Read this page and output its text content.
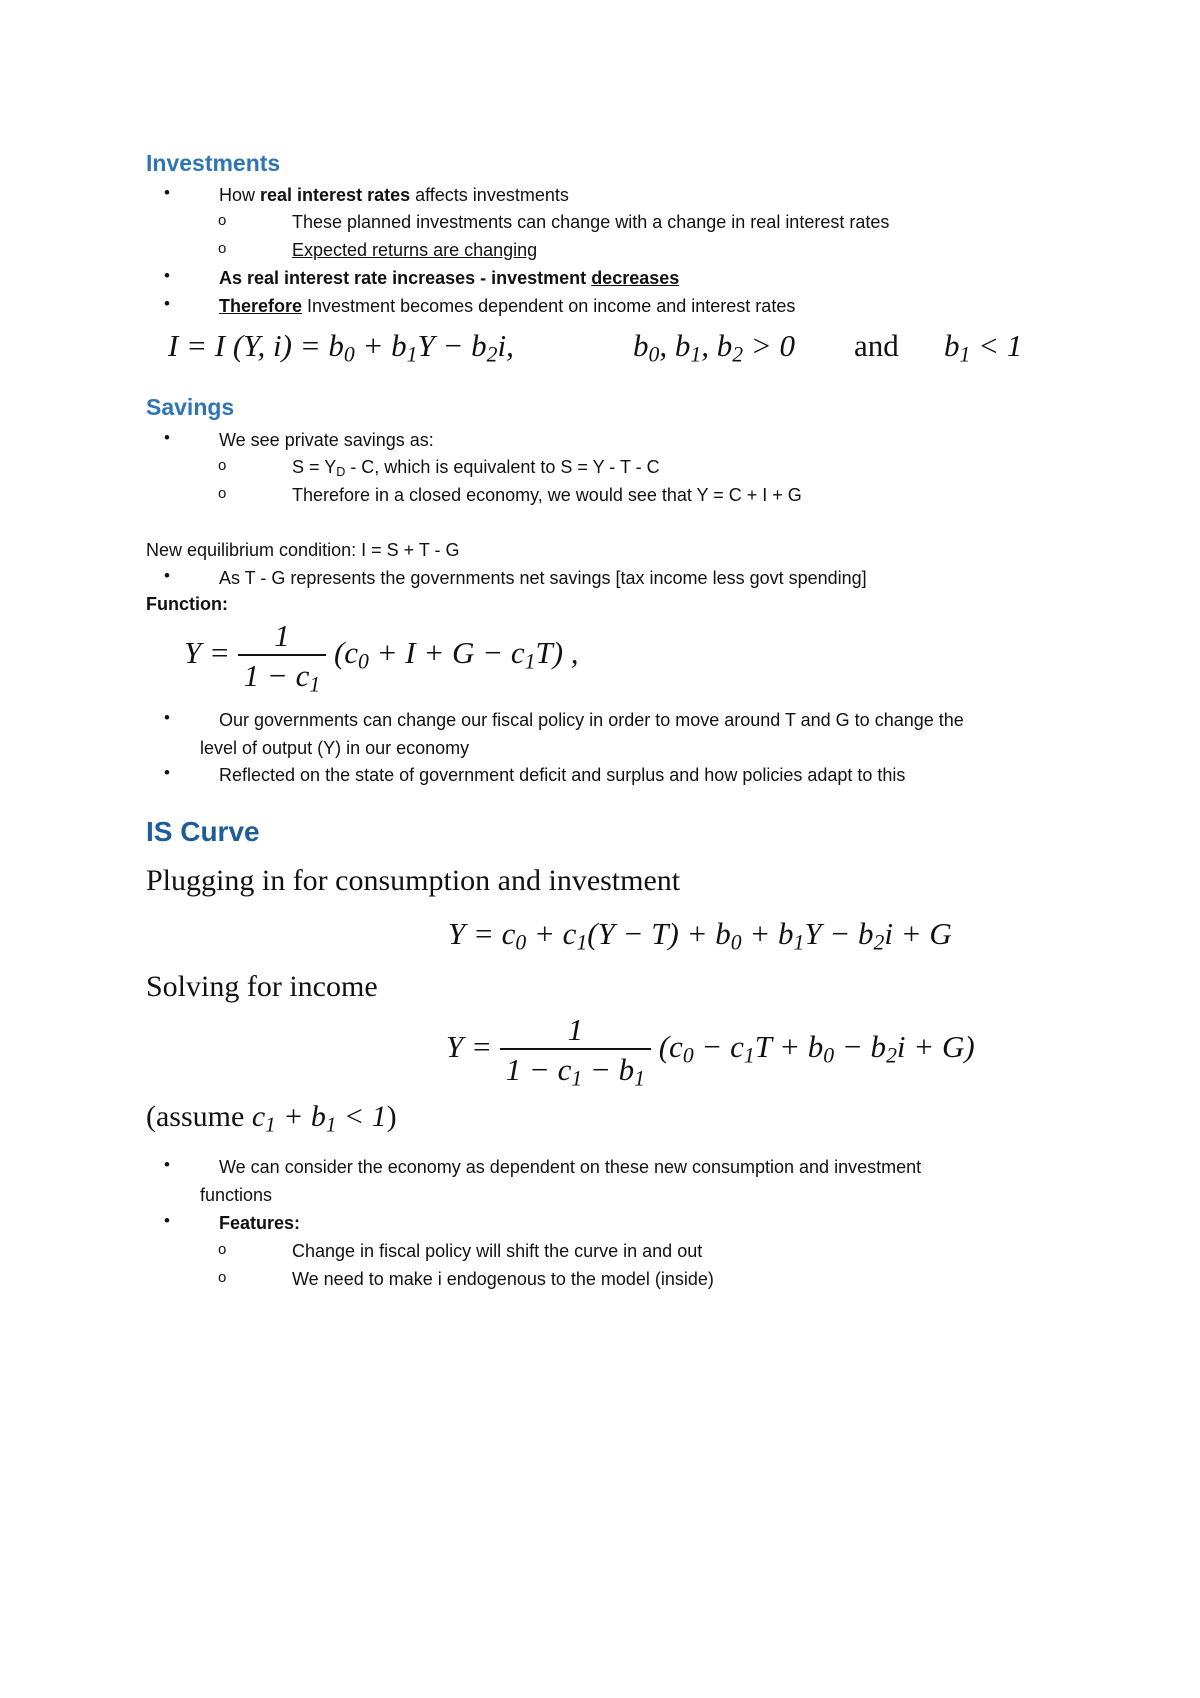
Investments
•	How real interest rates affects investments
o	These planned investments can change with a change in real interest rates
o	Expected returns are changing
•	As real interest rate increases - investment decreases
•	Therefore Investment becomes dependent on income and interest rates
I = I (Y, $i) = b_0 + b_1Y - b_2i$,	$b_0$, $b_1$, $b_2 > 0$ and $b_1 < 1$
Savings
•	We see private savings as:
o	$S = Y_D - C$, which is equivalent to S = Y - T - C
o	Therefore in a closed economy, we would see that Y = C + I + G
New equilibrium condition: I = S + T - G
•	As T - G represents the governments net savings [tax income less govt spending]
Function:
$Y = \frac{1}{1 - c_1} (c_0 + I + G - c_1T)$ ,
•	Our governments can change our fiscal policy in order to move around T and G to change the
level of output (Y) in our economy
•	Reflected on the state of government deficit and surplus and how policies adapt to this
IS Curve
Plugging in for consumption and investment
$Y = c_0 + c_1(Y - T) + b_0 + b_1Y - b_2i + G$
Solving for income
$Y = \frac{1}{1 - c_1 - b_1} (c_0 - c_1T + b_0 - b_2i + G)$
(assume $c_1 + b_1 < 1$)
•	We can consider the economy as dependent on these new consumption and investment
functions
•	Features:
o	Change in fiscal policy will shift the curve in and out
o	We need to make i endogenous to the model (inside)
